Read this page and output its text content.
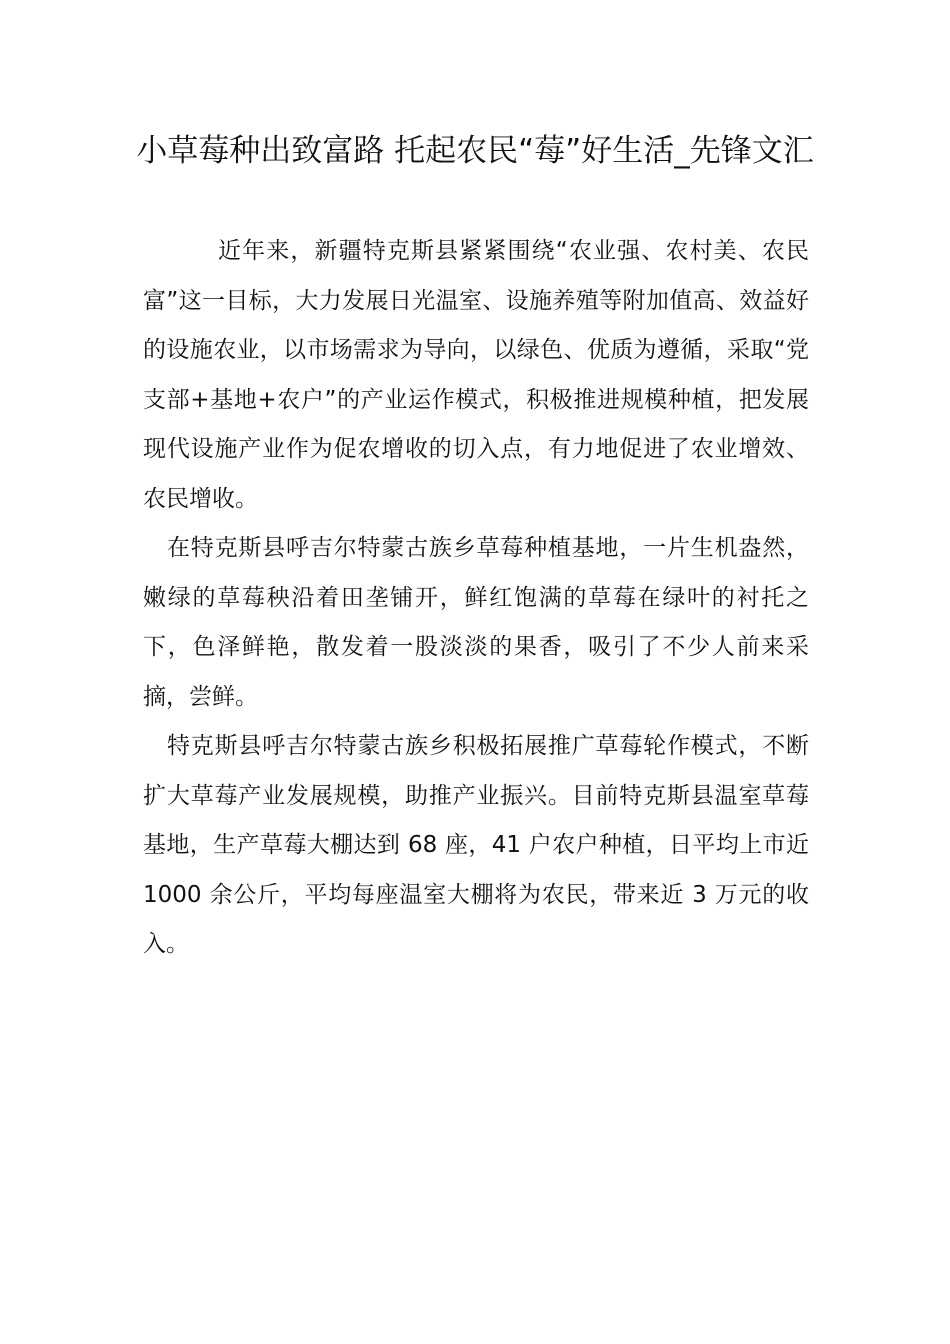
小草莓种出致富路 托起农民“莓”好生活_先锋文汇

近年来，新疆特克斯县紧紧围绕“农业强、农村美、农民富”这一目标，大力发展日光温室、设施养殖等附加值高、效益好的设施农业，以市场需求为导向，以绿色、优质为遵循，采取“党支部+基地+农户”的产业运作模式，积极推进规模种植，把发展现代设施产业作为促农增收的切入点，有力地促进了农业增效、农民增收。

在特克斯县呼吉尔特蒙古族乡草莓种植基地，一片生机盎然，嫩绿的草莓秧沿着田垄铺开，鲜红饱满的草莓在绿叶的衬托之下，色泽鲜艳，散发着一股淡淡的果香，吸引了不少人前来采摘，尝鲜。

特克斯县呼吉尔特蒙古族乡积极拓展推广草莓轮作模式，不断扩大草莓产业发展规模，助推产业振兴。目前特克斯县温室草莓基地，生产草莓大棚达到 68 座，41 户农户种植，日平均上市近 1000 余公斤，平均每座温室大棚将为农民，带来近 3 万元的收入。
